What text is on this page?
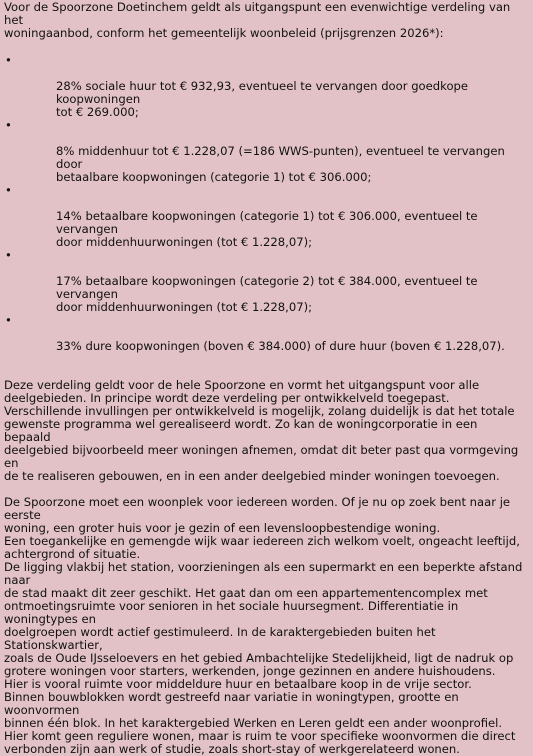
Voor de Spoorzone Doetinchem geldt als uitgangspunt een evenwichtige verdeling van het
woningaanbod, conform het gemeentelijk woonbeleid (prijsgrenzen 2026*):

•

28% sociale huur tot € 932,93, eventueel te vervangen door goedkope koopwoningen
tot € 269.000;

•

8% middenhuur tot € 1.228,07 (=186 WWS-punten), eventueel te vervangen door
betaalbare koopwoningen (categorie 1) tot € 306.000;

•

14% betaalbare koopwoningen (categorie 1) tot € 306.000, eventueel te vervangen
door middenhuurwoningen (tot € 1.228,07);

•

17% betaalbare koopwoningen (categorie 2) tot € 384.000, eventueel te vervangen
door middenhuurwoningen (tot € 1.228,07);

•

33% dure koopwoningen (boven € 384.000) of dure huur (boven € 1.228,07).

Deze verdeling geldt voor de hele Spoorzone en vormt het uitgangspunt voor alle
deelgebieden. In principe wordt deze verdeling per ontwikkelveld toegepast.
Verschillende invullingen per ontwikkelveld is mogelijk, zolang duidelijk is dat het totale
gewenste programma wel gerealiseerd wordt. Zo kan de woningcorporatie in een bepaald
deelgebied bijvoorbeeld meer woningen afnemen, omdat dit beter past qua vormgeving en
de te realiseren gebouwen, en in een ander deelgebied minder woningen toevoegen.

De Spoorzone moet een woonplek voor iedereen worden. Of je nu op zoek bent naar je eerste
woning, een groter huis voor je gezin of een levensloopbestendige woning.
Een toegankelijke en gemengde wijk waar iedereen zich welkom voelt, ongeacht leeftijd,
achtergrond of situatie.
De ligging vlakbij het station, voorzieningen als een supermarkt en een beperkte afstand naar
de stad maakt dit zeer geschikt. Het gaat dan om een appartementencomplex met
ontmoetingsruimte voor senioren in het sociale huursegment. Differentiatie in woningtypes en
doelgroepen wordt actief gestimuleerd. In de karaktergebieden buiten het Stationskwartier,
zoals de Oude IJsseloevers en het gebied Ambachtelijke Stedelijkheid, ligt de nadruk op
grotere woningen voor starters, werkenden, jonge gezinnen en andere huishoudens.
Hier is vooral ruimte voor middeldure huur en betaalbare koop in de vrije sector.
Binnen bouwblokken wordt gestreefd naar variatie in woningtypen, grootte en woonvormen
binnen één blok. In het karaktergebied Werken en Leren geldt een ander woonprofiel.
Hier komt geen reguliere wonen, maar is ruim te voor specifieke woonvormen die direct
verbonden zijn aan werk of studie, zoals short-stay of werkgerelateerd wonen.
